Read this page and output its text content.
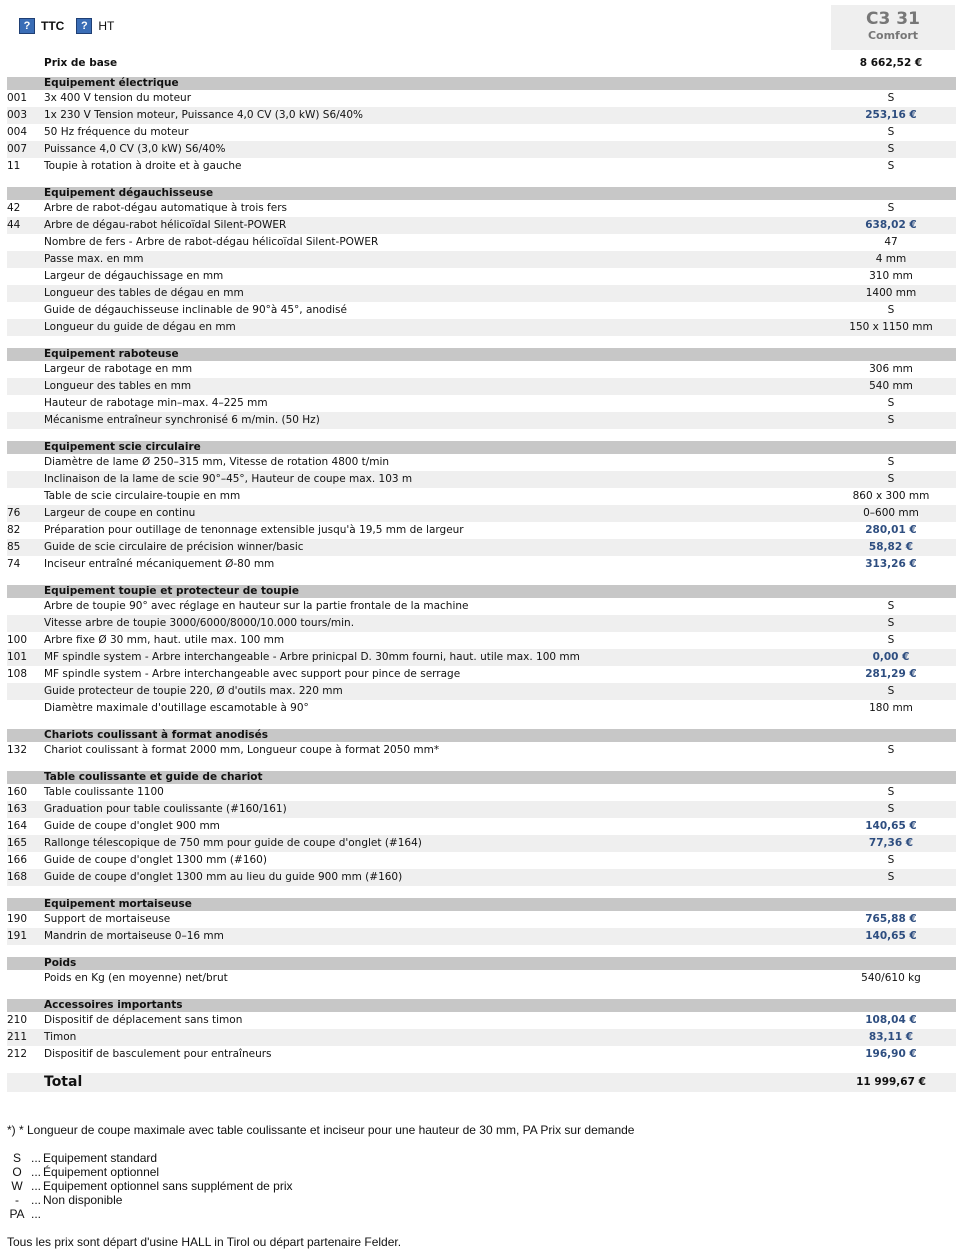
? TTC	? HT	C3 31
Comfort
Prix de base	8 662,52 €
Equipement électrique
001 3x 400 V tension du moteur	S
003 1x 230 V Tension moteur, Puissance 4,0 CV (3,0 kW) S6/40%	253,16 €
004 50 Hz fréquence du moteur	S
007 Puissance 4,0 CV (3,0 kW) S6/40%	S
11 Toupie à rotation à droite et à gauche	S
Equipement dégauchisseuse
42 Arbre de rabot-dégau automatique à trois fers	S
44 Arbre de dégau-rabot hélicoïdal Silent-POWER	638,02 €
Nombre de fers - Arbre de rabot-dégau hélicoïdal Silent-POWER	47
Passe max. en mm	4 mm
Largeur de dégauchissage en mm	310 mm
Longueur des tables de dégau en mm	1400 mm
Guide de dégauchisseuse inclinable de 90°à 45°, anodisé	S
Longueur du guide de dégau en mm	150 x 1150 mm
Equipement raboteuse
Largeur de rabotage en mm	306 mm
Longueur des tables en mm	540 mm
Hauteur de rabotage min–max. 4–225 mm	S
Mécanisme entraîneur synchronisé 6 m/min. (50 Hz)	S
Equipement scie circulaire
Diamètre de lame Ø 250–315 mm, Vitesse de rotation 4800 t/min	S
Inclinaison de la lame de scie 90°–45°, Hauteur de coupe max. 103 m	S
Table de scie circulaire-toupie en mm	860 x 300 mm
76 Largeur de coupe en continu	0–600 mm
82 Préparation pour outillage de tenonnage extensible jusqu'à 19,5 mm de largeur	280,01 €
85 Guide de scie circulaire de précision winner/basic	58,82 €
74 Inciseur entraîné mécaniquement Ø-80 mm	313,26 €
Equipement toupie et protecteur de toupie
Arbre de toupie 90° avec réglage en hauteur sur la partie frontale de la machine	S
Vitesse arbre de toupie 3000/6000/8000/10.000 tours/min.	S
100 Arbre fixe Ø 30 mm, haut. utile max. 100 mm	S
101 MF spindle system - Arbre interchangeable - Arbre prinicpal D. 30mm fourni, haut. utile max. 100 mm	0,00 €
108 MF spindle system - Arbre interchangeable avec support pour pince de serrage	281,29 €
Guide protecteur de toupie 220, Ø d'outils max. 220 mm	S
Diamètre maximale d'outillage escamotable à 90°	180 mm
Chariots coulissant à format anodisés
132 Chariot coulissant à format 2000 mm, Longueur coupe à format 2050 mm*	S
Table coulissante et guide de chariot
160 Table coulissante 1100	S
163 Graduation pour table coulissante (#160/161)	S
164 Guide de coupe d'onglet 900 mm	140,65 €
165 Rallonge télescopique de 750 mm pour guide de coupe d'onglet (#164)	77,36 €
166 Guide de coupe d'onglet 1300 mm (#160)	S
168 Guide de coupe d'onglet 1300 mm au lieu du guide 900 mm (#160)	S
Equipement mortaiseuse
190 Support de mortaiseuse	765,88 €
191 Mandrin de mortaiseuse 0–16 mm	140,65 €
Poids
Poids en Kg (en moyenne) net/brut	540/610 kg
Accessoires importants
210 Dispositif de déplacement sans timon	108,04 €
211 Timon	83,11 €
212 Dispositif de basculement pour entraîneurs	196,90 €
Total	11 999,67 €
*) * Longueur de coupe maximale avec table coulissante et inciseur pour une hauteur de 30 mm, PA Prix sur demande
S ... Equipement standard
O ... Équipement optionnel
W ... Equipement optionnel sans supplément de prix
-	... Non disponible
PA ...
Tous les prix sont départ d'usine HALL in Tirol ou départ partenaire Felder.
